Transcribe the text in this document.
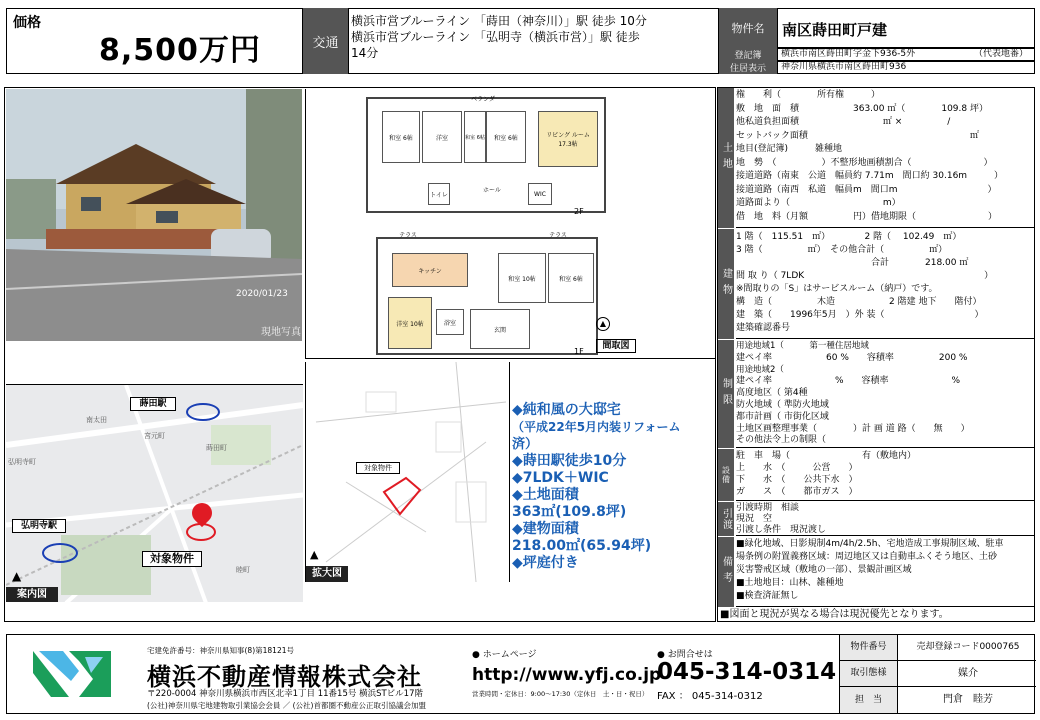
価格
8,500万円	交通
横浜市営ブルーライン 「蒔田（神奈川）」駅 徒歩 10分
横浜市営ブルーライン 「弘明寺（横浜市営）」駅 徒歩
14分
物件名	南区蒔田町戸建
登記簿	横浜市南区蒔田町字金下936-5外	（代表地番）
住居表示	神奈川県横浜市南区蒔田町936
2020/01/23
現地写真
和室 6帖	洋室	和室 6帖
和室 6帖	リビング ルーム 17.3帖
トイレ	WIC
ホール
ベランダ
2F
テラス
和室 10帖	和室 6帖
キッチン
洋室 10帖	浴室
玄関
テラス
1F
▲
間取図
蒔田駅
弘明寺駅
対象物件
宮元町
蒔田町
弘明寺町
南太田
睦町
▲
案内図
対象物件
▲
拡大図
◆純和風の大邸宅
（平成22年5月内装リフォーム
済）
◆蒔田駅徒歩10分
◆7LDK＋WIC
◆土地面積
363㎡(109.8坪)
◆建物面積
218.00㎡(65.94坪)
◆坪庭付き
土地
権　　利（　　　　所有権　　　）
敷　地　面　積　　　　　　363.00 ㎡（　　　　109.8 坪）
他私道負担面積　　　　　　　　　 ㎡ ×　　　　　/
セットバック面積　　　　　　　　　　　　　　　　　　㎡
地目(登記簿)　　　雑種地
地　勢　（　　　　　）不整形地画積割合（　　　　　　　　）
接道道路（南東　公道　幅員約 7.71m　間口約 30.16m　　　）
接道道路（南西　私道　幅員m　間口m　　　　　　　　　　）
道路面より（　　　　　　　　　　 m）
借　地　料（月額　　　　　円）借地期限（　　　　　　　　）
建物
1 階（　115.51　㎡）　　　　 2 階（　 102.49　㎡）
3 階（　　　　　㎡）　その他合計（　　　　　㎡）
　　　　　　　　　　　　　　　合計　　　　218.00 ㎡
間 取 り（ 7LDK　　　　　　　　　　　　　　　　　　　　）
※間取りの「S」はサービスルーム（納戸）です。
構　造（　　　　　木造　　　　　　2 階建 地下　　階付）
建　築（　　1996年5月　）外 装（　　　　　　　　　　）
建築確認番号
制限
用途地域1（　　　第一種住居地域
建ペイ率　　　　　　60 %　　容積率　　　　　200 %
用途地域2（
建ペイ率　　　　　　　%　　容積率　　　　　　　%
高度地区（ 第4種
防火地域（ 準防火地域
都市計画（ 市街化区域
土地区画整理事業（　　　　）計 画 道 路（　　無　　）
その他法令上の制限（
設備
駐　車　場（　　　　　　　　有（敷地内）
上　　水　（　　　公営　　）
下　　水　（　　公共下水　）
ガ　　ス　（　　都市ガス　）
引渡 引渡時期　相談
現況　空
引渡し条件　現況渡し
備考
■緑化地域、日影規制4m/4h/2.5h、宅地造成工事規制区域、駐車
場条例の附置義務区域：周辺地区又は自動車ふくそう地区、土砂
災害警戒区域（敷地の一部）、景観計画区域
■土地地目：山林、雑種地
■検査済証無し
■図面と現況が異なる場合は現況優先となります。
宅建免許番号：神奈川県知事(8)第18121号
横浜不動産情報株式会社
〒220-0004 神奈川県横浜市西区北幸1丁目 11番15号 横浜STビル17階
(公社)神奈川県宅地建物取引業協会会員 ／ (公社)首都圏不動産公正取引協議会加盟
● ホームページ
http://www.yfj.co.jp
営業時間・定休日：9:00〜17:30（定休日　土・日・祝日）
● お問合せは
045-314-0314
FAX ： 045-314-0312
物件番号	売却登録コード0000765
取引態様	媒介
担　当	門倉　睦芳
